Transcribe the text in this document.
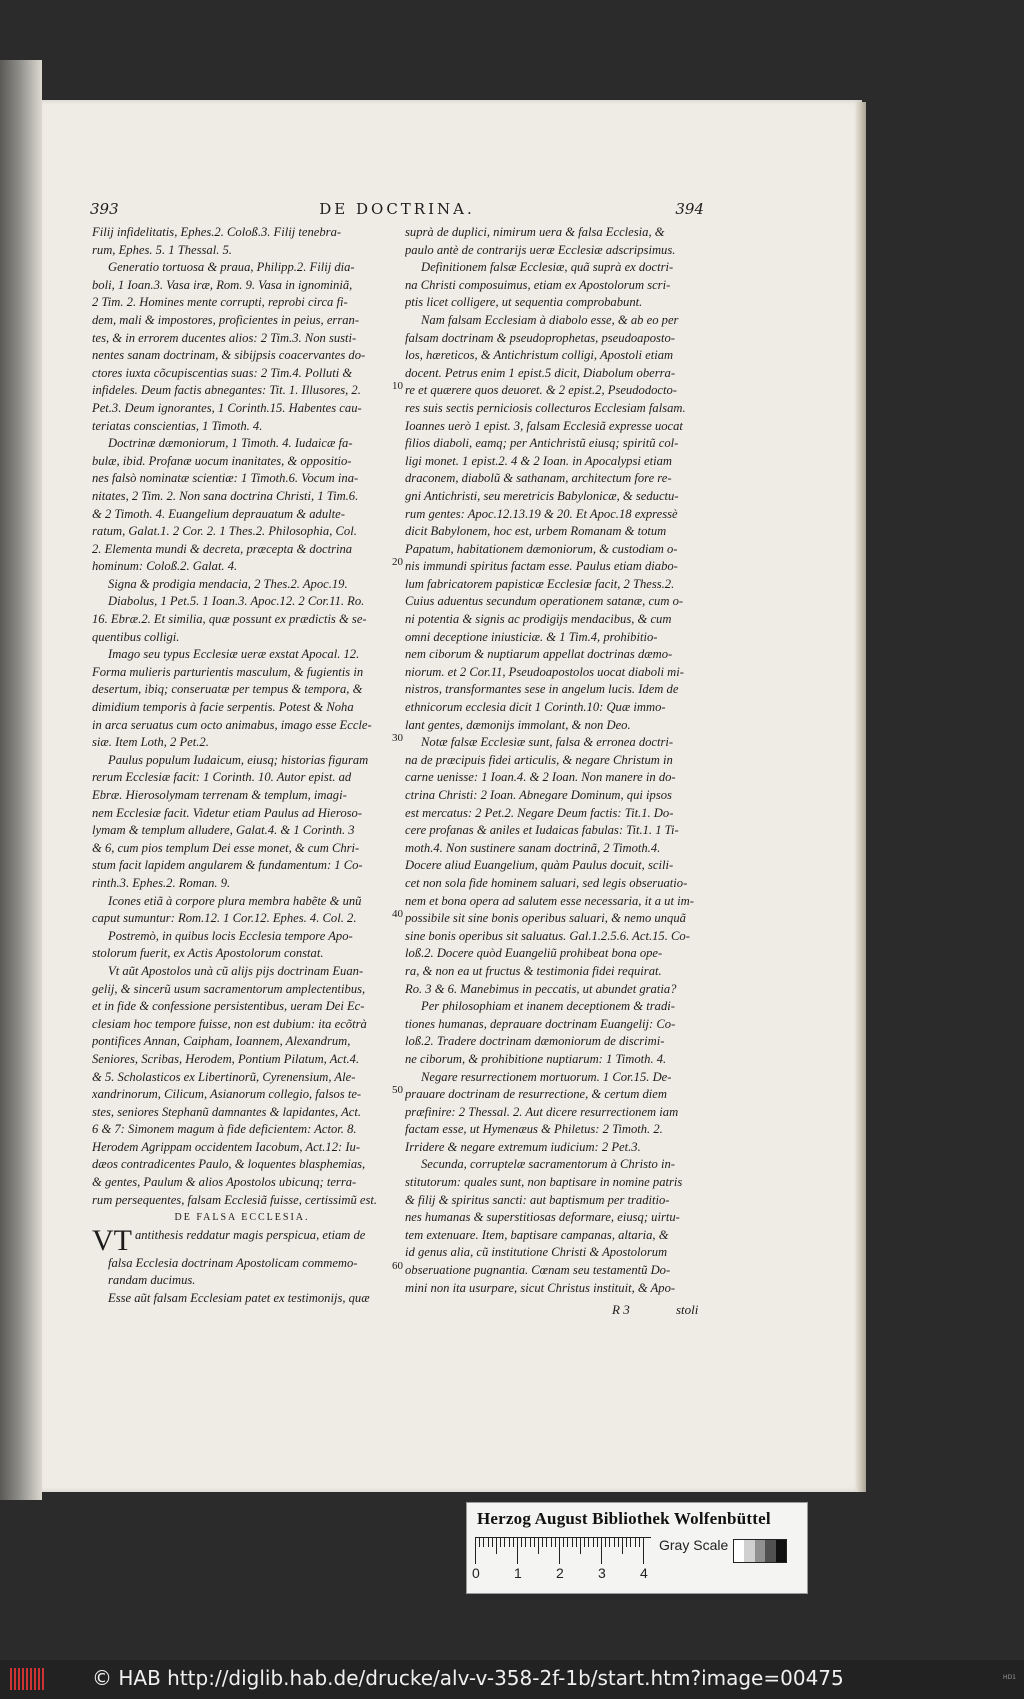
393	DE DOCTRINA.	394
Filij infidelitatis, Ephes.2. Coloß.3. Filij tenebra-
rum, Ephes. 5. 1 Thessal. 5.
Generatio tortuosa & praua, Philipp.2. Filij dia-
boli, 1 Ioan.3. Vasa iræ, Rom. 9. Vasa in ignominiã,
2 Tim. 2. Homines mente corrupti, reprobi circa fi-
dem, mali & impostores, proficientes in peius, erran-
tes, & in errorem ducentes alios: 2 Tim.3. Non susti-
nentes sanam doctrinam, & sibijpsis coacervantes do-
ctores iuxta cõcupiscentias suas: 2 Tim.4. Polluti &
infideles. Deum factis abnegantes: Tit. 1. Illusores, 2.
Pet.3. Deum ignorantes, 1 Corinth.15. Habentes cau-
teriatas conscientias, 1 Timoth. 4.
Doctrinæ dæmoniorum, 1 Timoth. 4. Iudaicæ fa-
bulæ, ibid. Profanæ uocum inanitates, & oppositio-
nes falsò nominatæ scientiæ: 1 Timoth.6. Vocum ina-
nitates, 2 Tim. 2. Non sana doctrina Christi, 1 Tim.6.
& 2 Timoth. 4. Euangelium deprauatum & adulte-
ratum, Galat.1. 2 Cor. 2. 1 Thes.2. Philosophia, Col.
2. Elementa mundi & decreta, præcepta & doctrina
hominum: Coloß.2. Galat. 4.
Signa & prodigia mendacia, 2 Thes.2. Apoc.19.
Diabolus, 1 Pet.5. 1 Ioan.3. Apoc.12. 2 Cor.11. Ro.
16. Ebræ.2. Et similia, quæ possunt ex prædictis & se-
quentibus colligi.
Imago seu typus Ecclesiæ ueræ exstat Apocal. 12.
Forma mulieris parturientis masculum, & fugientis in
desertum, ibiq; conseruatæ per tempus & tempora, &
dimidium temporis à facie serpentis. Potest & Noha
in arca seruatus cum octo animabus, imago esse Eccle-
siæ. Item Loth, 2 Pet.2.
Paulus populum Iudaicum, eiusq; historias figuram
rerum Ecclesiæ facit: 1 Corinth. 10. Autor epist. ad
Ebræ. Hierosolymam terrenam & templum, imagi-
nem Ecclesiæ facit. Videtur etiam Paulus ad Hieroso-
lymam & templum alludere, Galat.4. & 1 Corinth. 3
& 6, cum pios templum Dei esse monet, & cum Chri-
stum facit lapidem angularem & fundamentum: 1 Co-
rinth.3. Ephes.2. Roman. 9.
Icones etiã à corpore plura membra habẽte & unũ
caput sumuntur: Rom.12. 1 Cor.12. Ephes. 4. Col. 2.
Postremò, in quibus locis Ecclesia tempore Apo-
stolorum fuerit, ex Actis Apostolorum constat.
Vt aũt Apostolos unà cũ alijs pijs doctrinam Euan-
gelij, & sincerũ usum sacramentorum amplectentibus,
et in fide & confessione persistentibus, ueram Dei Ec-
clesiam hoc tempore fuisse, non est dubium: ita ecõtrà
pontifices Annan, Caipham, Ioannem, Alexandrum,
Seniores, Scribas, Herodem, Pontium Pilatum, Act.4.
& 5. Scholasticos ex Libertinorũ, Cyrenensium, Ale-
xandrinorum, Cilicum, Asianorum collegio, falsos te-
stes, seniores Stephanũ damnantes & lapidantes, Act.
6 & 7: Simonem magum à fide deficientem: Actor. 8.
Herodem Agrippam occidentem Iacobum, Act.12: Iu-
dæos contradicentes Paulo, & loquentes blasphemias,
& gentes, Paulum & alios Apostolos ubicunq; terra-
rum persequentes, falsam Ecclesiã fuisse, certissimũ est.
DE FALSA ECCLESIA.
VT antithesis reddatur magis perspicua, etiam de
falsa Ecclesia doctrinam Apostolicam commemo-
randam ducimus.
Esse aũt falsam Ecclesiam patet ex testimonijs, quæ
10
20
30
40
50
60
suprà de duplici, nimirum uera & falsa Ecclesia, &
paulo antè de contrarijs ueræ Ecclesiæ adscripsimus.
Definitionem falsæ Ecclesiæ, quã suprà ex doctri-
na Christi composuimus, etiam ex Apostolorum scri-
ptis licet colligere, ut sequentia comprobabunt.
Nam falsam Ecclesiam à diabolo esse, & ab eo per
falsam doctrinam & pseudoprophetas, pseudoaposto-
los, hæreticos, & Antichristum colligi, Apostoli etiam
docent. Petrus enim 1 epist.5 dicit, Diabolum oberra-
re et quærere quos deuoret. & 2 epist.2, Pseudodocto-
res suis sectis perniciosis collecturos Ecclesiam falsam.
Ioannes uerò 1 epist. 3, falsam Ecclesiã expresse uocat
filios diaboli, eamq; per Antichristũ eiusq; spiritũ col-
ligi monet. 1 epist.2. 4 & 2 Ioan. in Apocalypsi etiam
draconem, diabolũ & sathanam, architectum fore re-
gni Antichristi, seu meretricis Babylonicæ, & seductu-
rum gentes: Apoc.12.13.19 & 20. Et Apoc.18 expressè
dicit Babylonem, hoc est, urbem Romanam & totum
Papatum, habitationem dæmoniorum, & custodiam o-
nis immundi spiritus factam esse. Paulus etiam diabo-
lum fabricatorem papisticæ Ecclesiæ facit, 2 Thess.2.
Cuius aduentus secundum operationem satanæ, cum o-
ni potentia & signis ac prodigijs mendacibus, & cum
omni deceptione iniusticiæ. & 1 Tim.4, prohibitio-
nem ciborum & nuptiarum appellat doctrinas dæmo-
niorum. et 2 Cor.11, Pseudoapostolos uocat diaboli mi-
nistros, transformantes sese in angelum lucis. Idem de
ethnicorum ecclesia dicit 1 Corinth.10: Quæ immo-
lant gentes, dæmonijs immolant, & non Deo.
Notæ falsæ Ecclesiæ sunt, falsa & erronea doctri-
na de præcipuis fidei articulis, & negare Christum in
carne uenisse: 1 Ioan.4. & 2 Ioan. Non manere in do-
ctrina Christi: 2 Ioan. Abnegare Dominum, qui ipsos
est mercatus: 2 Pet.2. Negare Deum factis: Tit.1. Do-
cere profanas & aniles et Iudaicas fabulas: Tit.1. 1 Ti-
moth.4. Non sustinere sanam doctrinã, 2 Timoth.4.
Docere aliud Euangelium, quàm Paulus docuit, scili-
cet non sola fide hominem saluari, sed legis obseruatio-
nem et bona opera ad salutem esse necessaria, it a ut im-
possibile sit sine bonis operibus saluari, & nemo unquã
sine bonis operibus sit saluatus. Gal.1.2.5.6. Act.15. Co-
loß.2. Docere quòd Euangeliũ prohibeat bona ope-
ra, & non ea ut fructus & testimonia fidei requirat.
Ro. 3 & 6. Manebimus in peccatis, ut abundet gratia?
Per philosophiam et inanem deceptionem & tradi-
tiones humanas, deprauare doctrinam Euangelij: Co-
loß.2. Tradere doctrinam dæmoniorum de discrimi-
ne ciborum, & prohibitione nuptiarum: 1 Timoth. 4.
Negare resurrectionem mortuorum. 1 Cor.15. De-
prauare doctrinam de resurrectione, & certum diem
præfinire: 2 Thessal. 2. Aut dicere resurrectionem iam
factam esse, ut Hymenæus & Philetus: 2 Timoth. 2.
Irridere & negare extremum iudicium: 2 Pet.3.
Secunda, corruptelæ sacramentorum à Christo in-
stitutorum: quales sunt, non baptisare in nomine patris
& filij & spiritus sancti: aut baptismum per traditio-
nes humanas & superstitiosas deformare, eiusq; uirtu-
tem extenuare. Item, baptisare campanas, altaria, &
id genus alia, cũ institutione Christi & Apostolorum
obseruatione pugnantia. Cœnam seu testamentũ Do-
mini non ita usurpare, sicut Christus instituit, & Apo-
R 3	stoli
Herzog August Bibliothek Wolfenbüttel
0 1 2 3 4
Gray Scale
© HAB http://diglib.hab.de/drucke/alv-v-358-2f-1b/start.htm?image=00475	HD1
